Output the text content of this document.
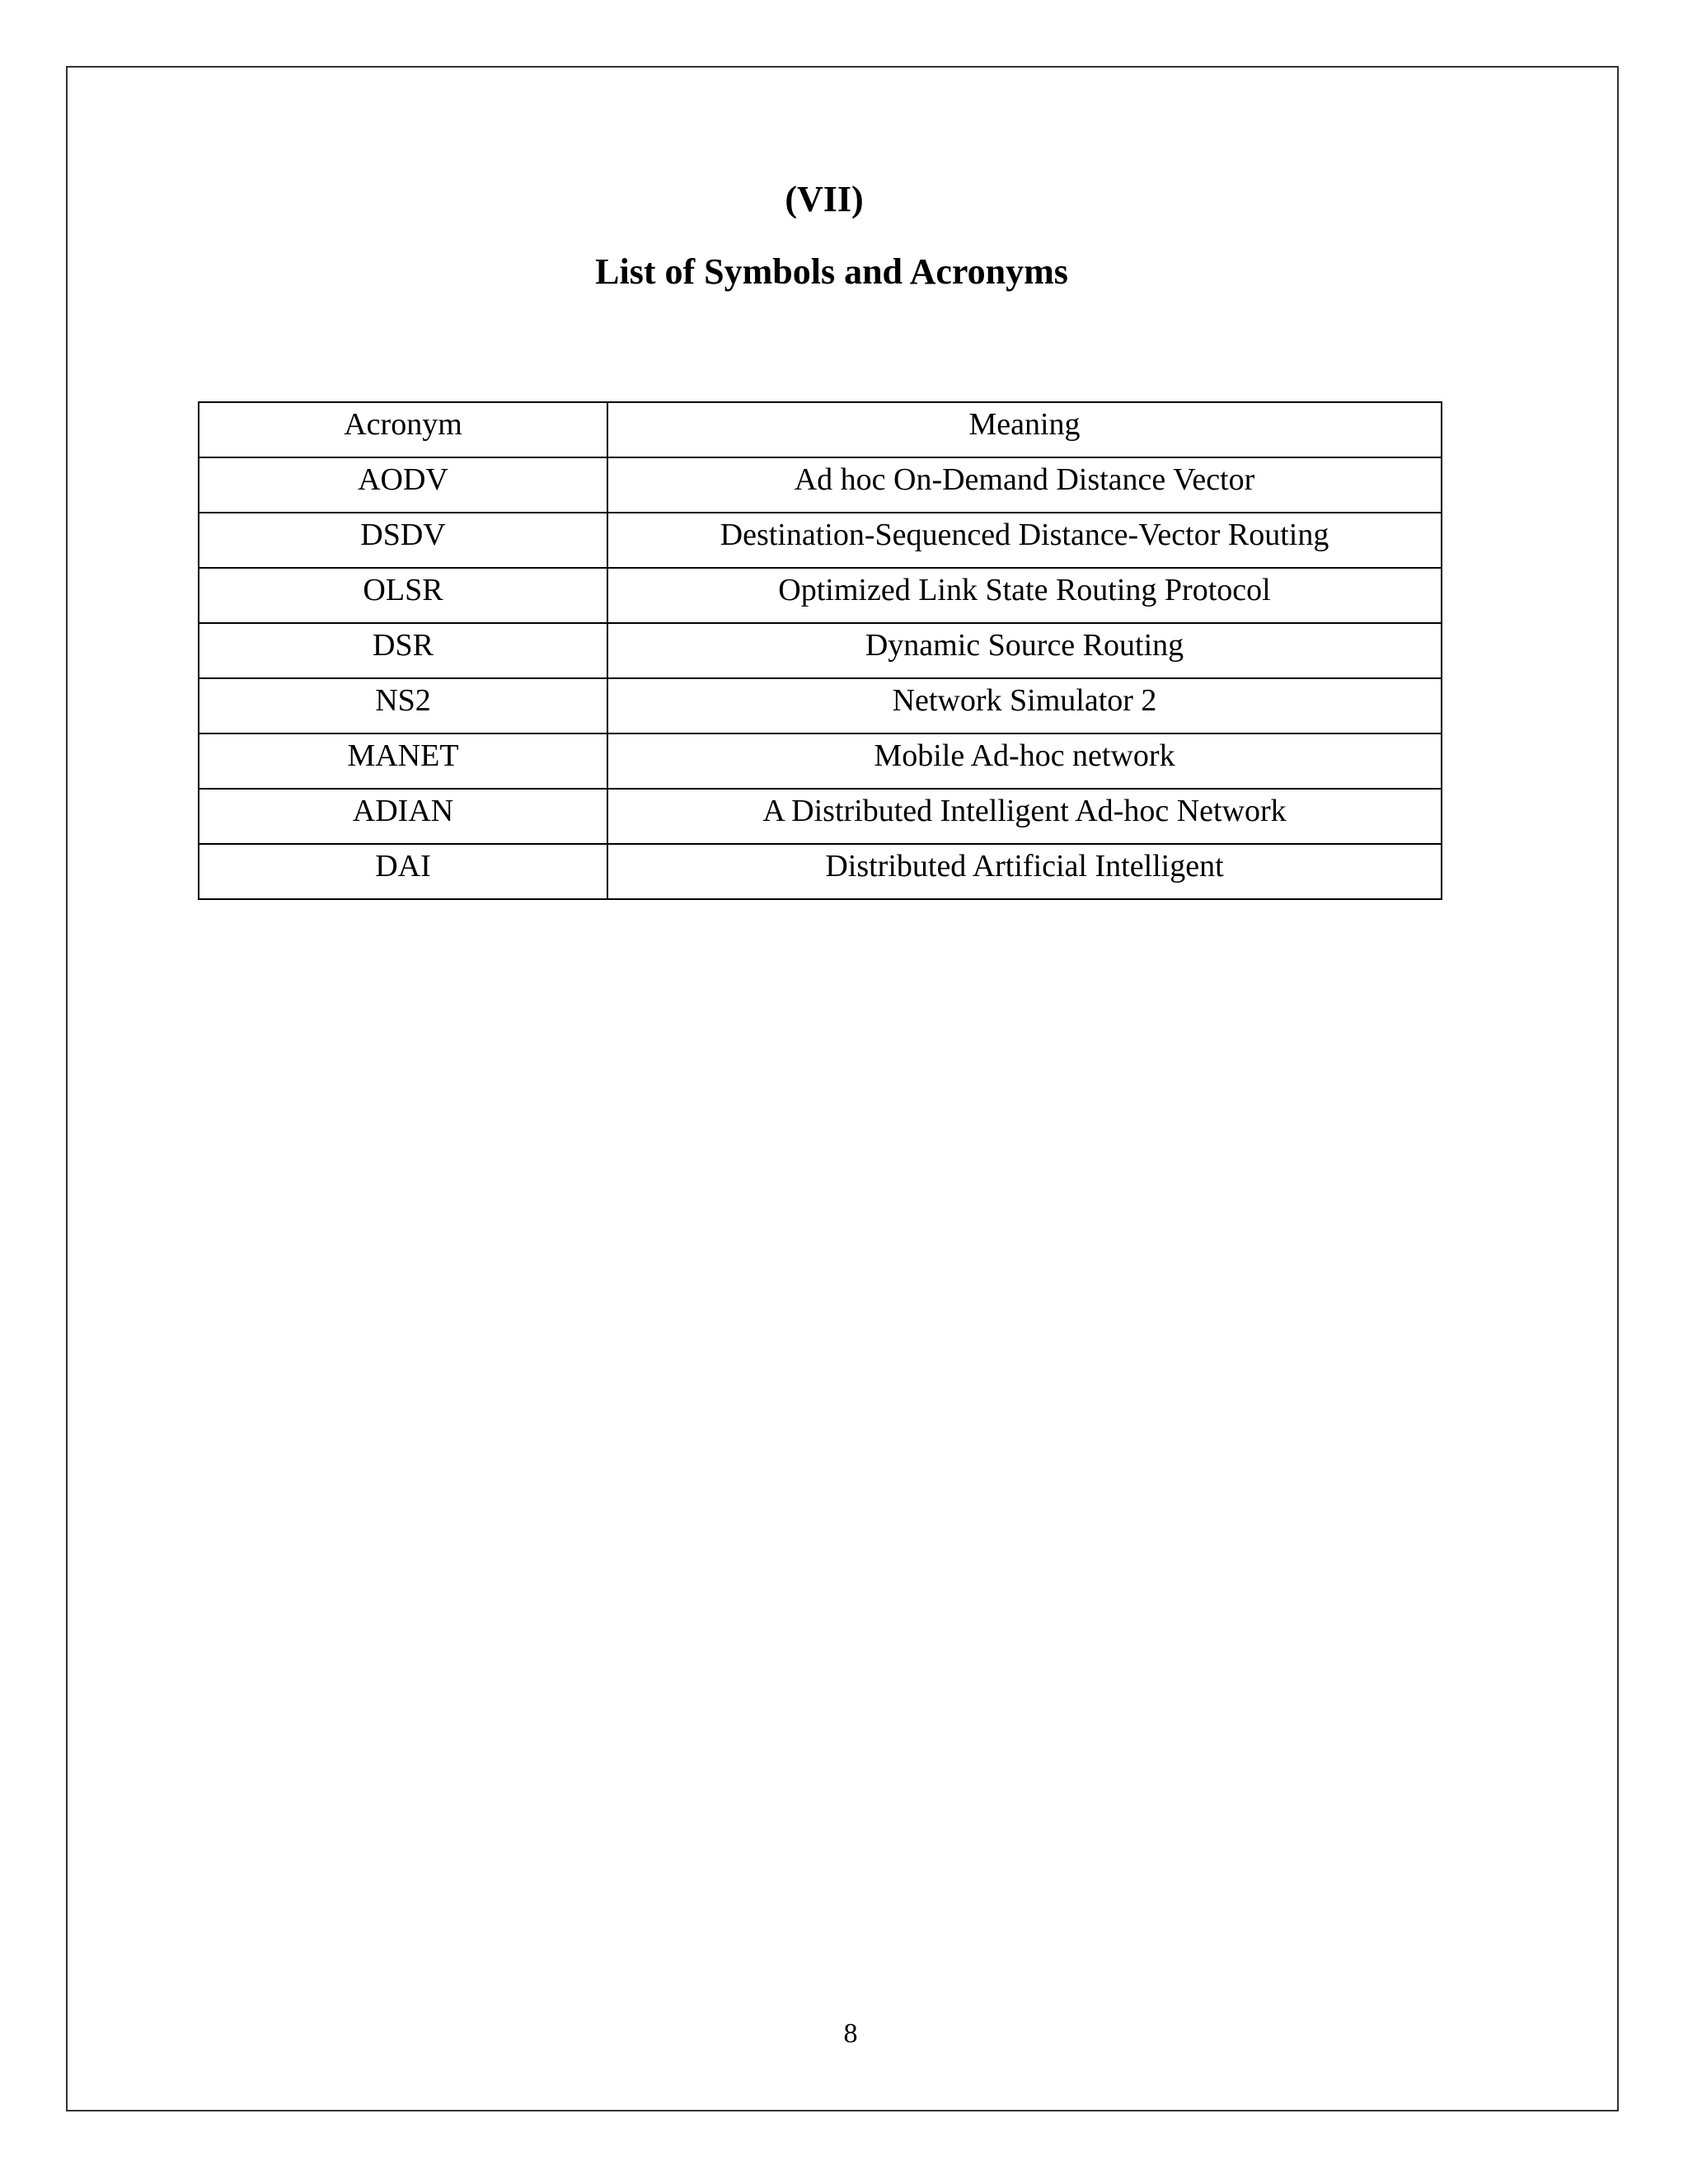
(VII)
List of Symbols and Acronyms
Acronym	Meaning
AODV	Ad hoc On-Demand Distance Vector
DSDV	Destination-Sequenced Distance-Vector Routing
OLSR	Optimized Link State Routing Protocol
DSR	Dynamic Source Routing
NS2	Network Simulator 2
MANET	Mobile Ad-hoc network
ADIAN	A Distributed Intelligent Ad-hoc Network
DAI	Distributed Artificial Intelligent
8
